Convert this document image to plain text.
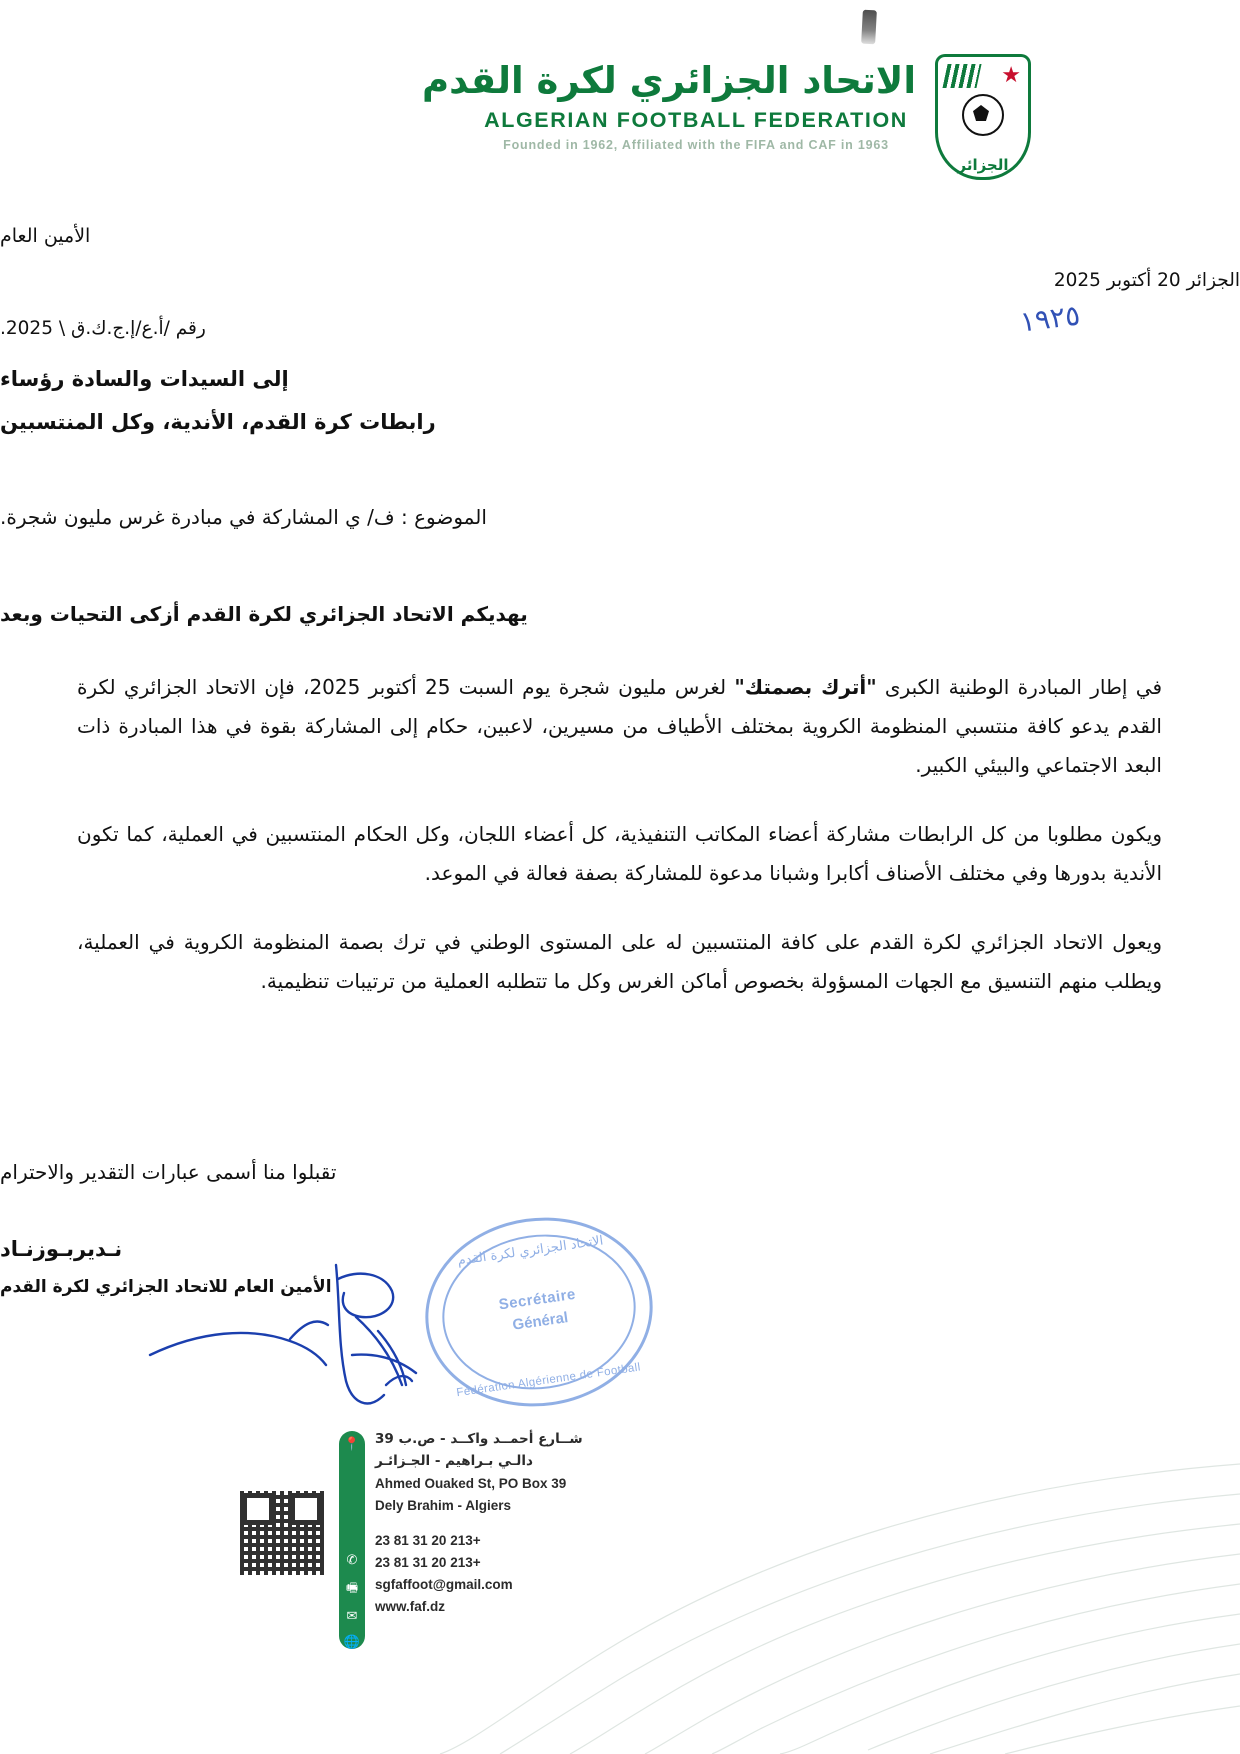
الاتحاد الجزائري لكرة القدم
ALGERIAN FOOTBALL FEDERATION
Founded in 1962, Affiliated with the FIFA and CAF in 1963
★
الجزائر
الأمين العام
الجزائر 20 أكتوبر 2025
رقم /أ.ع/إ.ج.ك.ق \ 2025.	١٩٢٥
إلى السيدات والسادة رؤساء
رابطات كرة القدم، الأندية، وكل المنتسبين
الموضوع : ف/ ي المشاركة في مبادرة غرس مليون شجرة.
يهديكم الاتحاد الجزائري لكرة القدم أزكى التحيات وبعد

في إطار المبادرة الوطنية الكبرى "أترك بصمتك" لغرس مليون شجرة يوم السبت 25 أكتوبر 2025، فإن الاتحاد الجزائري لكرة القدم يدعو كافة منتسبي المنظومة الكروية بمختلف الأطياف من مسيرين، لاعبين، حكام إلى المشاركة بقوة في هذا المبادرة ذات البعد الاجتماعي والبيئي الكبير.

ويكون مطلوبا من كل الرابطات مشاركة أعضاء المكاتب التنفيذية، كل أعضاء اللجان، وكل الحكام المنتسبين في العملية، كما تكون الأندية بدورها وفي مختلف الأصناف أكابرا وشبانا مدعوة للمشاركة بصفة فعالة في الموعد.

ويعول الاتحاد الجزائري لكرة القدم على كافة المنتسبين له على المستوى الوطني في ترك بصمة المنظومة الكروية في العملية، ويطلب منهم التنسيق مع الجهات المسؤولة بخصوص أماكن الغرس وكل ما تتطلبه العملية من ترتيبات تنظيمية.

تقبلوا منا أسمى عبارات التقدير والاحترام
نـديربـوزنـاد
الأمين العام للاتحاد الجزائري لكرة القدم
الاتحاد الجزائري لكرة القدم
Secrétaire
Général
Fédération Algérienne de Football
شــارع أحمــد واكــد - ص.ب 39
دالـي بـراهيم - الجـزائـر
Ahmed Ouaked St, PO Box 39
Dely Brahim - Algiers
+213 20 31 81 23
+213 20 31 81 23
sgfaffoot@gmail.com
www.faf.dz
📍
✆
🖷
✉
🌐
